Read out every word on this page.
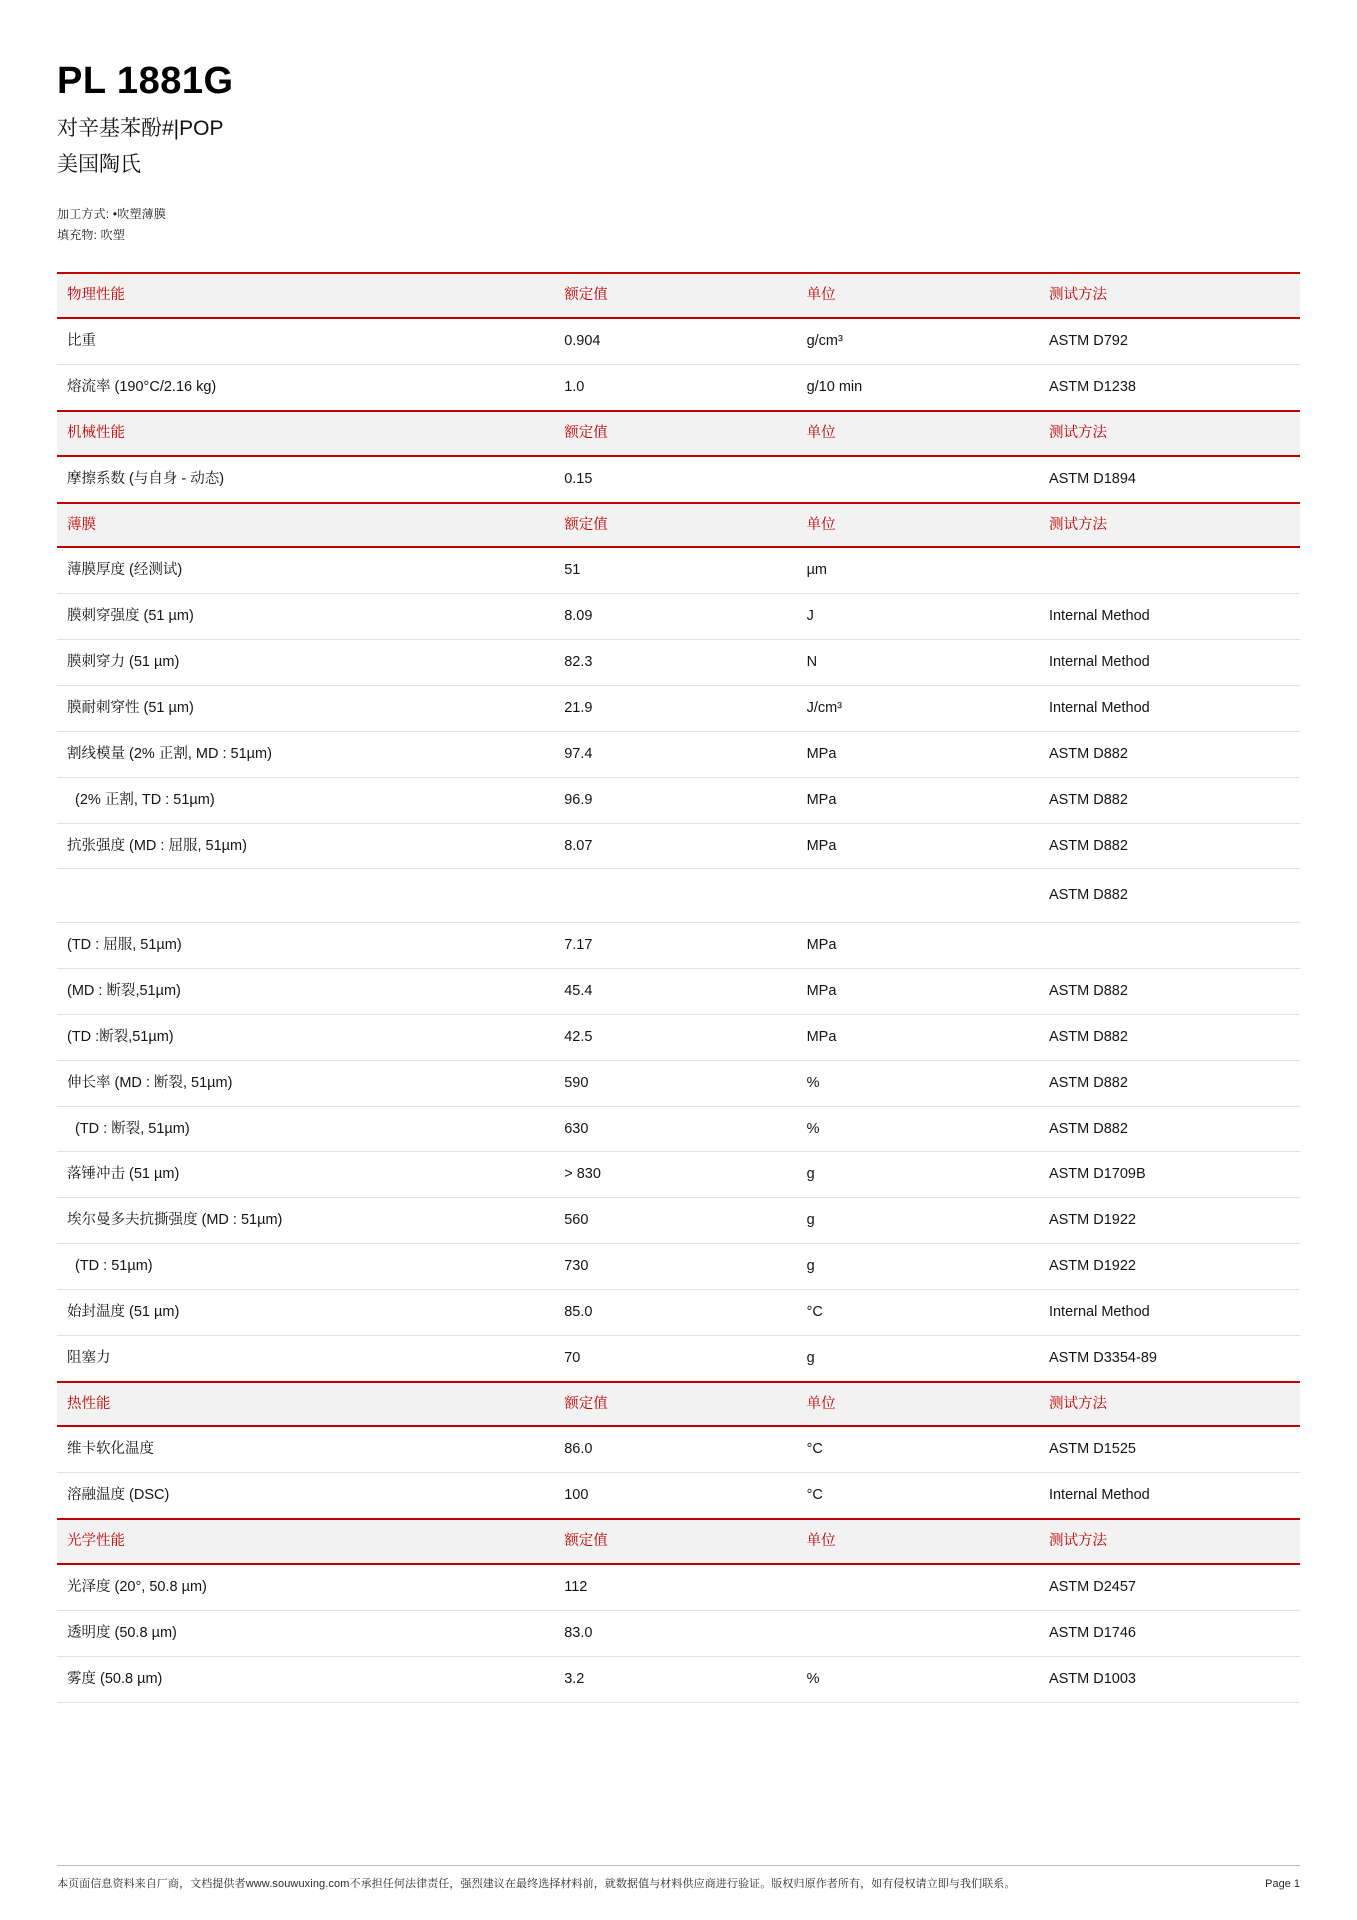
PL 1881G
对辛基苯酚#|POP
美国陶氏
加工方式: •吹塑薄膜
填充物: 吹塑
物理性能	额定值	单位	测试方法
比重	0.904	g/cm³	ASTM D792
熔流率 (190°C/2.16 kg)	1.0	g/10 min	ASTM D1238
机械性能	额定值	单位	测试方法
摩擦系数 (与自身 - 动态)	0.15		ASTM D1894
薄膜	额定值	单位	测试方法
薄膜厚度 (经测试)	51	µm	
膜刺穿强度 (51 µm)	8.09	J	Internal Method
膜刺穿力 (51 µm)	82.3	N	Internal Method
膜耐刺穿性 (51 µm)	21.9	J/cm³	Internal Method
割线模量 (2% 正割, MD : 51µm)	97.4	MPa	ASTM D882
(2% 正割, TD : 51µm)	96.9	MPa	ASTM D882
抗张强度 (MD : 屈服, 51µm)	8.07	MPa	ASTM D882
			ASTM D882
(TD : 屈服, 51µm)	7.17	MPa	
(MD : 断裂,51µm)	45.4	MPa	ASTM D882
(TD :断裂,51µm)	42.5	MPa	ASTM D882
伸长率 (MD : 断裂, 51µm)	590	%	ASTM D882
(TD : 断裂, 51µm)	630	%	ASTM D882
落锤冲击 (51 µm)	> 830	g	ASTM D1709B
埃尔曼多夫抗撕强度 (MD : 51µm)	560	g	ASTM D1922
(TD : 51µm)	730	g	ASTM D1922
始封温度 (51 µm)	85.0	°C	Internal Method
阻塞力	70	g	ASTM D3354-89
热性能	额定值	单位	测试方法
维卡软化温度	86.0	°C	ASTM D1525
溶融温度 (DSC)	100	°C	Internal Method
光学性能	额定值	单位	测试方法
光泽度 (20°, 50.8 µm)	112		ASTM D2457
透明度 (50.8 µm)	83.0		ASTM D1746
雾度 (50.8 µm)	3.2	%	ASTM D1003
本页面信息资料来自厂商，文档提供者www.souwuxing.com不承担任何法律责任，强烈建议在最终选择材料前，就数据值与材料供应商进行验证。版权归原作者所有，如有侵权请立即与我们联系。	Page 1
